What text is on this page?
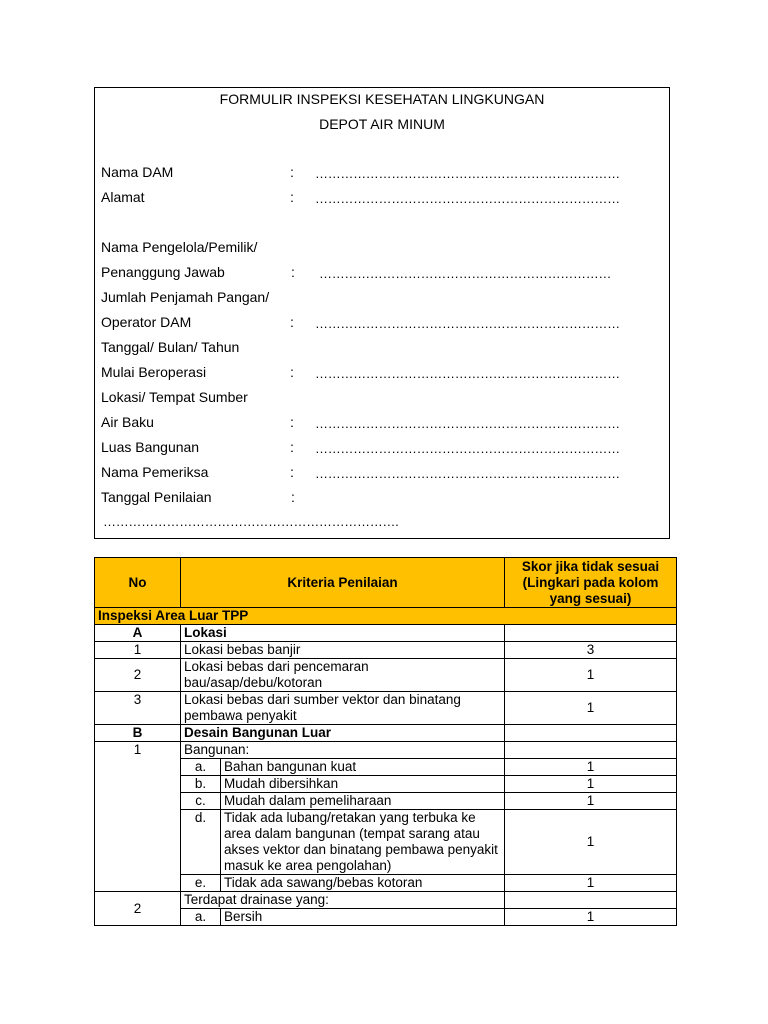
FORMULIR INSPEKSI KESEHATAN LINGKUNGAN
DEPOT AIR MINUM
Nama DAM	: ………………………………………………………………
Alamat	: ………………………………………………………………
Nama Pengelola/Pemilik/
Penanggung Jawab	: ……………………………………………………………
Jumlah Penjamah Pangan/
Operator DAM	: ………………………………………………………………
Tanggal/ Bulan/ Tahun
Mulai Beroperasi	: ………………………………………………………………
Lokasi/ Tempat Sumber
Air Baku	: ………………………………………………………………
Luas Bangunan	: ………………………………………………………………
Nama Pemeriksa	: ………………………………………………………………
Tanggal Penilaian	:
…………………………………………………………….
No	Kriteria Penilaian		Skor jika tidak sesuai (Lingkari pada kolom yang sesuai)
Inspeksi Area Luar TPP			
A	Lokasi		
1	Lokasi bebas banjir		3
2	Lokasi bebas dari pencemaran bau/asap/debu/kotoran		1
3	Lokasi bebas dari sumber vektor dan binatang pembawa penyakit		1
B	Desain Bangunan Luar		
1	Bangunan:		
	a.	Bahan bangunan kuat	1
	b.	Mudah dibersihkan	1
	c.	Mudah dalam pemeliharaan	1
	d.	Tidak ada lubang/retakan yang terbuka ke area dalam bangunan (tempat sarang atau akses vektor dan binatang pembawa penyakit masuk ke area pengolahan)	1
	e.	Tidak ada sawang/bebas kotoran	1
2	Terdapat drainase yang:		
	a.	Bersih	1
